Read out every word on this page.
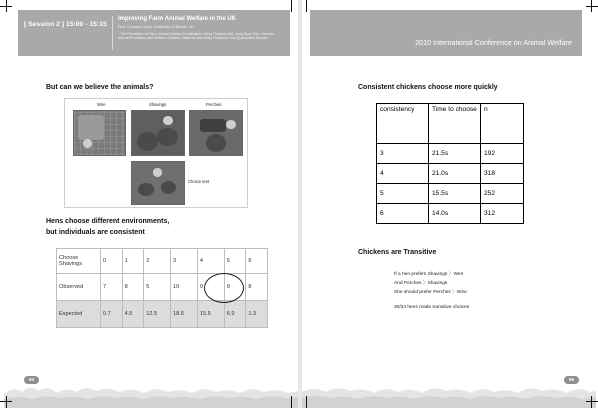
[ Session 2 ] 15:00 - 15:15
Improving Farm Animal Welfare in the UK
Prof. Christine Nicol, University of Bristol, UK
- The Formation of Farm Animal Welfare Certification Using Program Md. Jong Hyun Kim, Director, Animal Protection and Welfare Division, National Veterinary Research and Quarantine Service
But can we believe the animals?
Wire	Shavings	Perches
Choice test
Hens choose different environments,
but individuals are consistent
Choose Shavings	0	1	2	3	4	5	6
Observed	7	8	5	10	9	9	8
Expected	0.7	4.5	12.5	18.6	15.5	6.9	1.3
94
2010 International Conference on Animal Welfare
Consistent chickens choose more quickly
consistency	Time to choose	n
3	21.5s	192
4	21.0s	318
5	15.5s	252
6	14.0s	312
Chickens are Transitive
If a hen prefers Shavings 〉Wire
And Perches 〉Shavings
She should prefer Perches 〉Wire
30/34 hens made transitive choices
95
